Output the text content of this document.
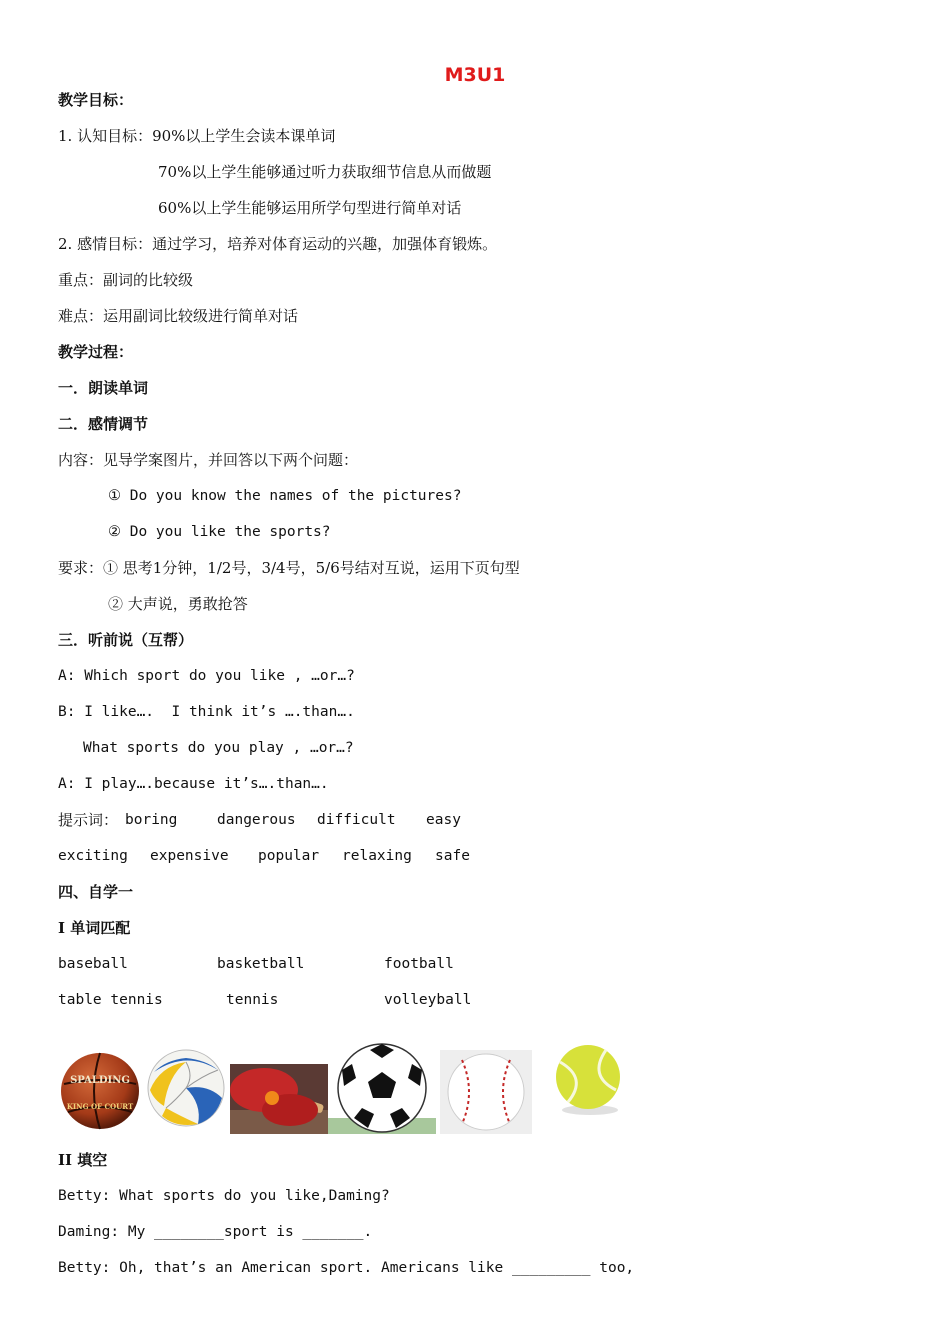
M3U1
教学目标：
1. 认知目标：90%以上学生会读本课单词
70%以上学生能够通过听力获取细节信息从而做题
60%以上学生能够运用所学句型进行简单对话
2. 感情目标：通过学习，培养对体育运动的兴趣，加强体育锻炼。
重点：副词的比较级
难点：运用副词比较级进行简单对话
教学过程：
一．朗读单词
二．感情调节
内容：见导学案图片，并回答以下两个问题：
① Do you know the names of the pictures?
② Do you like the sports?
要求：① 思考1分钟，1/2号，3/4号，5/6号结对互说，运用下页句型
② 大声说，勇敢抢答
三．听前说（互帮）
A: Which sport do you like , …or…?
B: I like….  I think it’s ….than….
What sports do you play , …or…?
A: I play….because it’s….than….
提示词： boring	dangerous difficult easy
exciting expensive popular relaxing safe
四、自学一
Ⅰ 单词匹配
baseball	basketball	football
table tennis	tennis	volleyball
SPALDING
KING OF COURT
II 填空
Betty: What sports do you like,Daming?
Daming: My ________sport is _______.
Betty: Oh, that’s an American sport. Americans like _________ too,
